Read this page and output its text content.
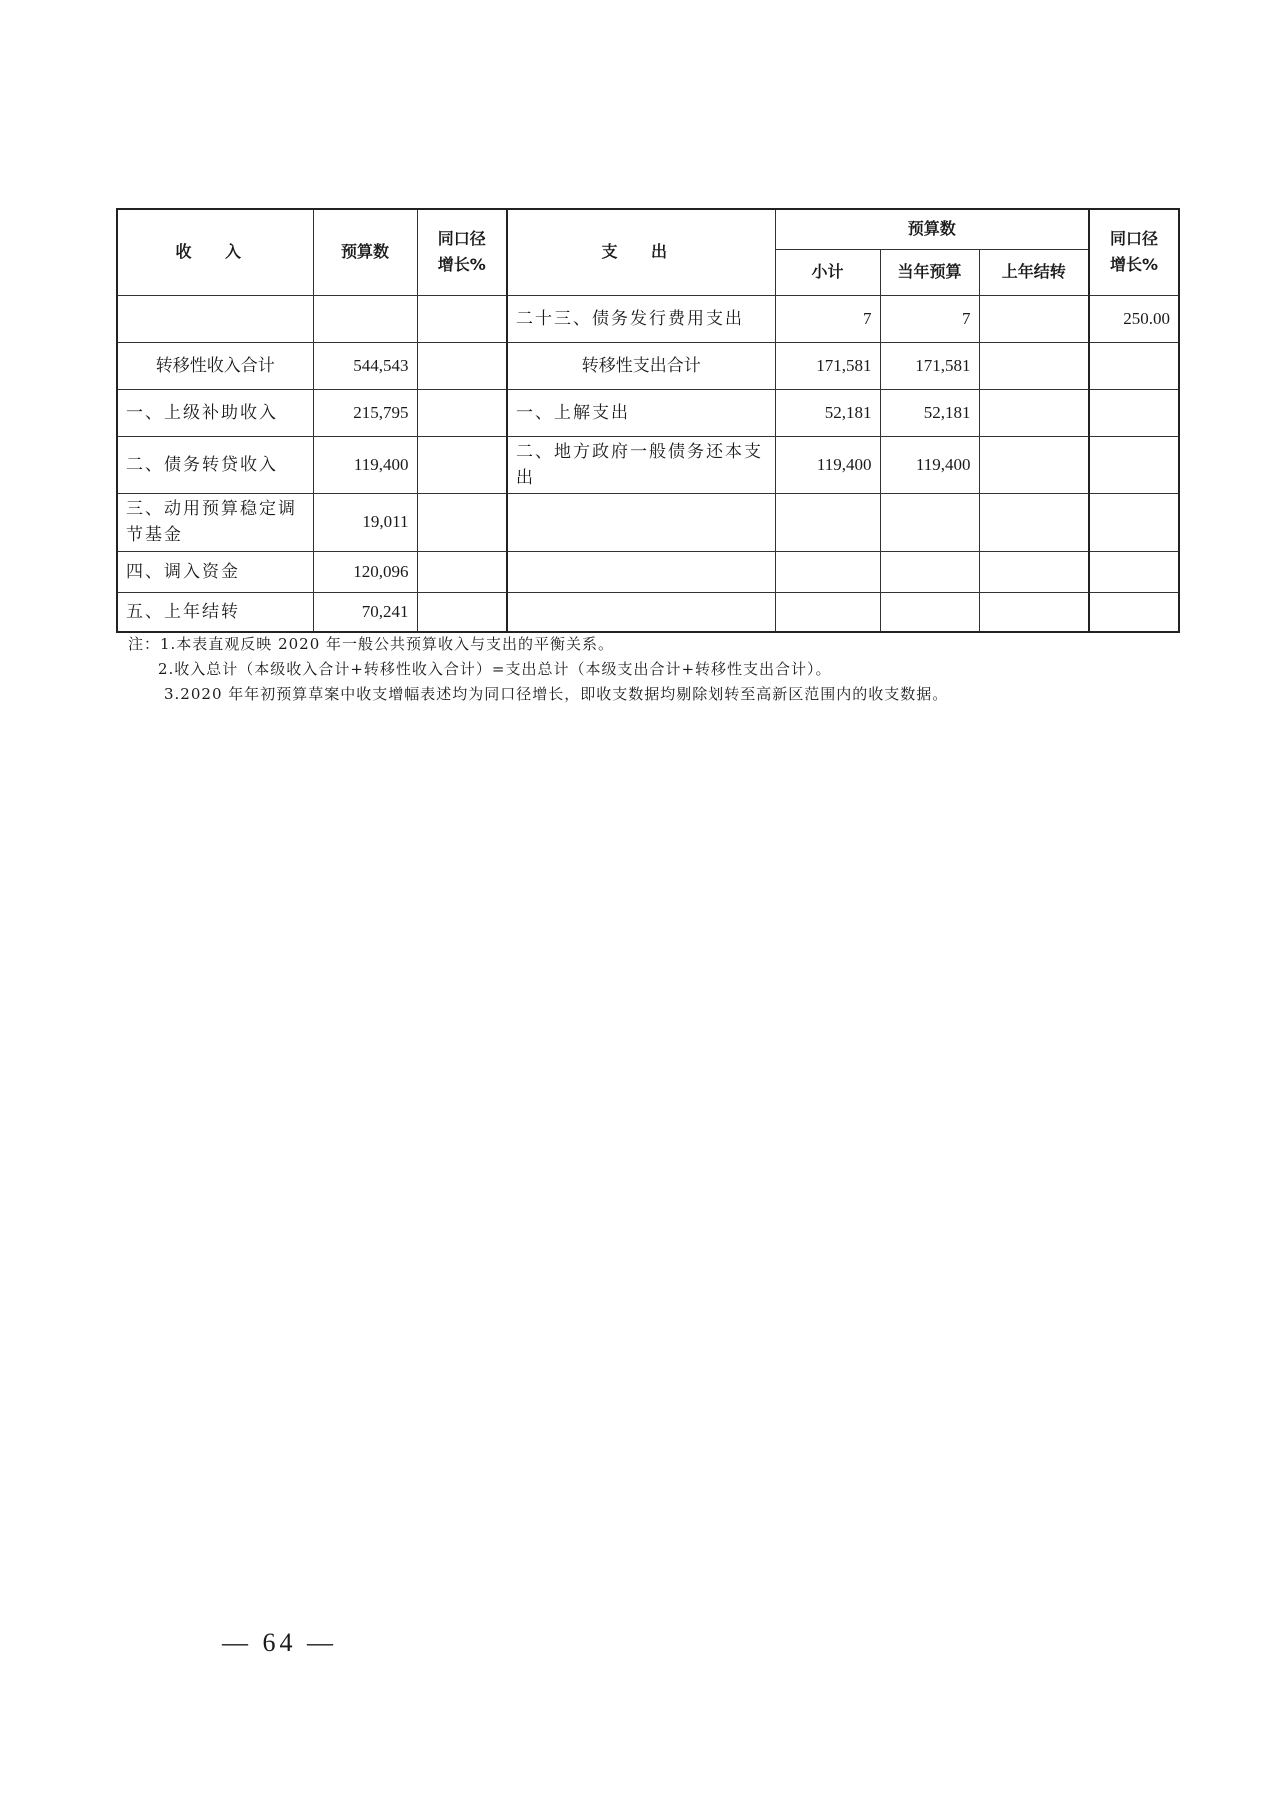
收 入	预算数	同口径增长%	支 出	预算数			同口径增长%
				小计	当年预算	上年结转	
			二十三、债务发行费用支出	7	7		250.00
转移性收入合计	544,543		转移性支出合计	171,581	171,581		
一、上级补助收入	215,795		一、上解支出	52,181	52,181		
二、债务转贷收入	119,400		二、地方政府一般债务还本支出	119,400	119,400		
三、动用预算稳定调节基金	19,011						
四、调入资金	120,096						
五、上年结转	70,241						
注：1.本表直观反映 2020 年一般公共预算收入与支出的平衡关系。
2.收入总计（本级收入合计+转移性收入合计）=支出总计（本级支出合计+转移性支出合计）。
3.2020 年年初预算草案中收支增幅表述均为同口径增长，即收支数据均剔除划转至高新区范围内的收支数据。
— 64 —
